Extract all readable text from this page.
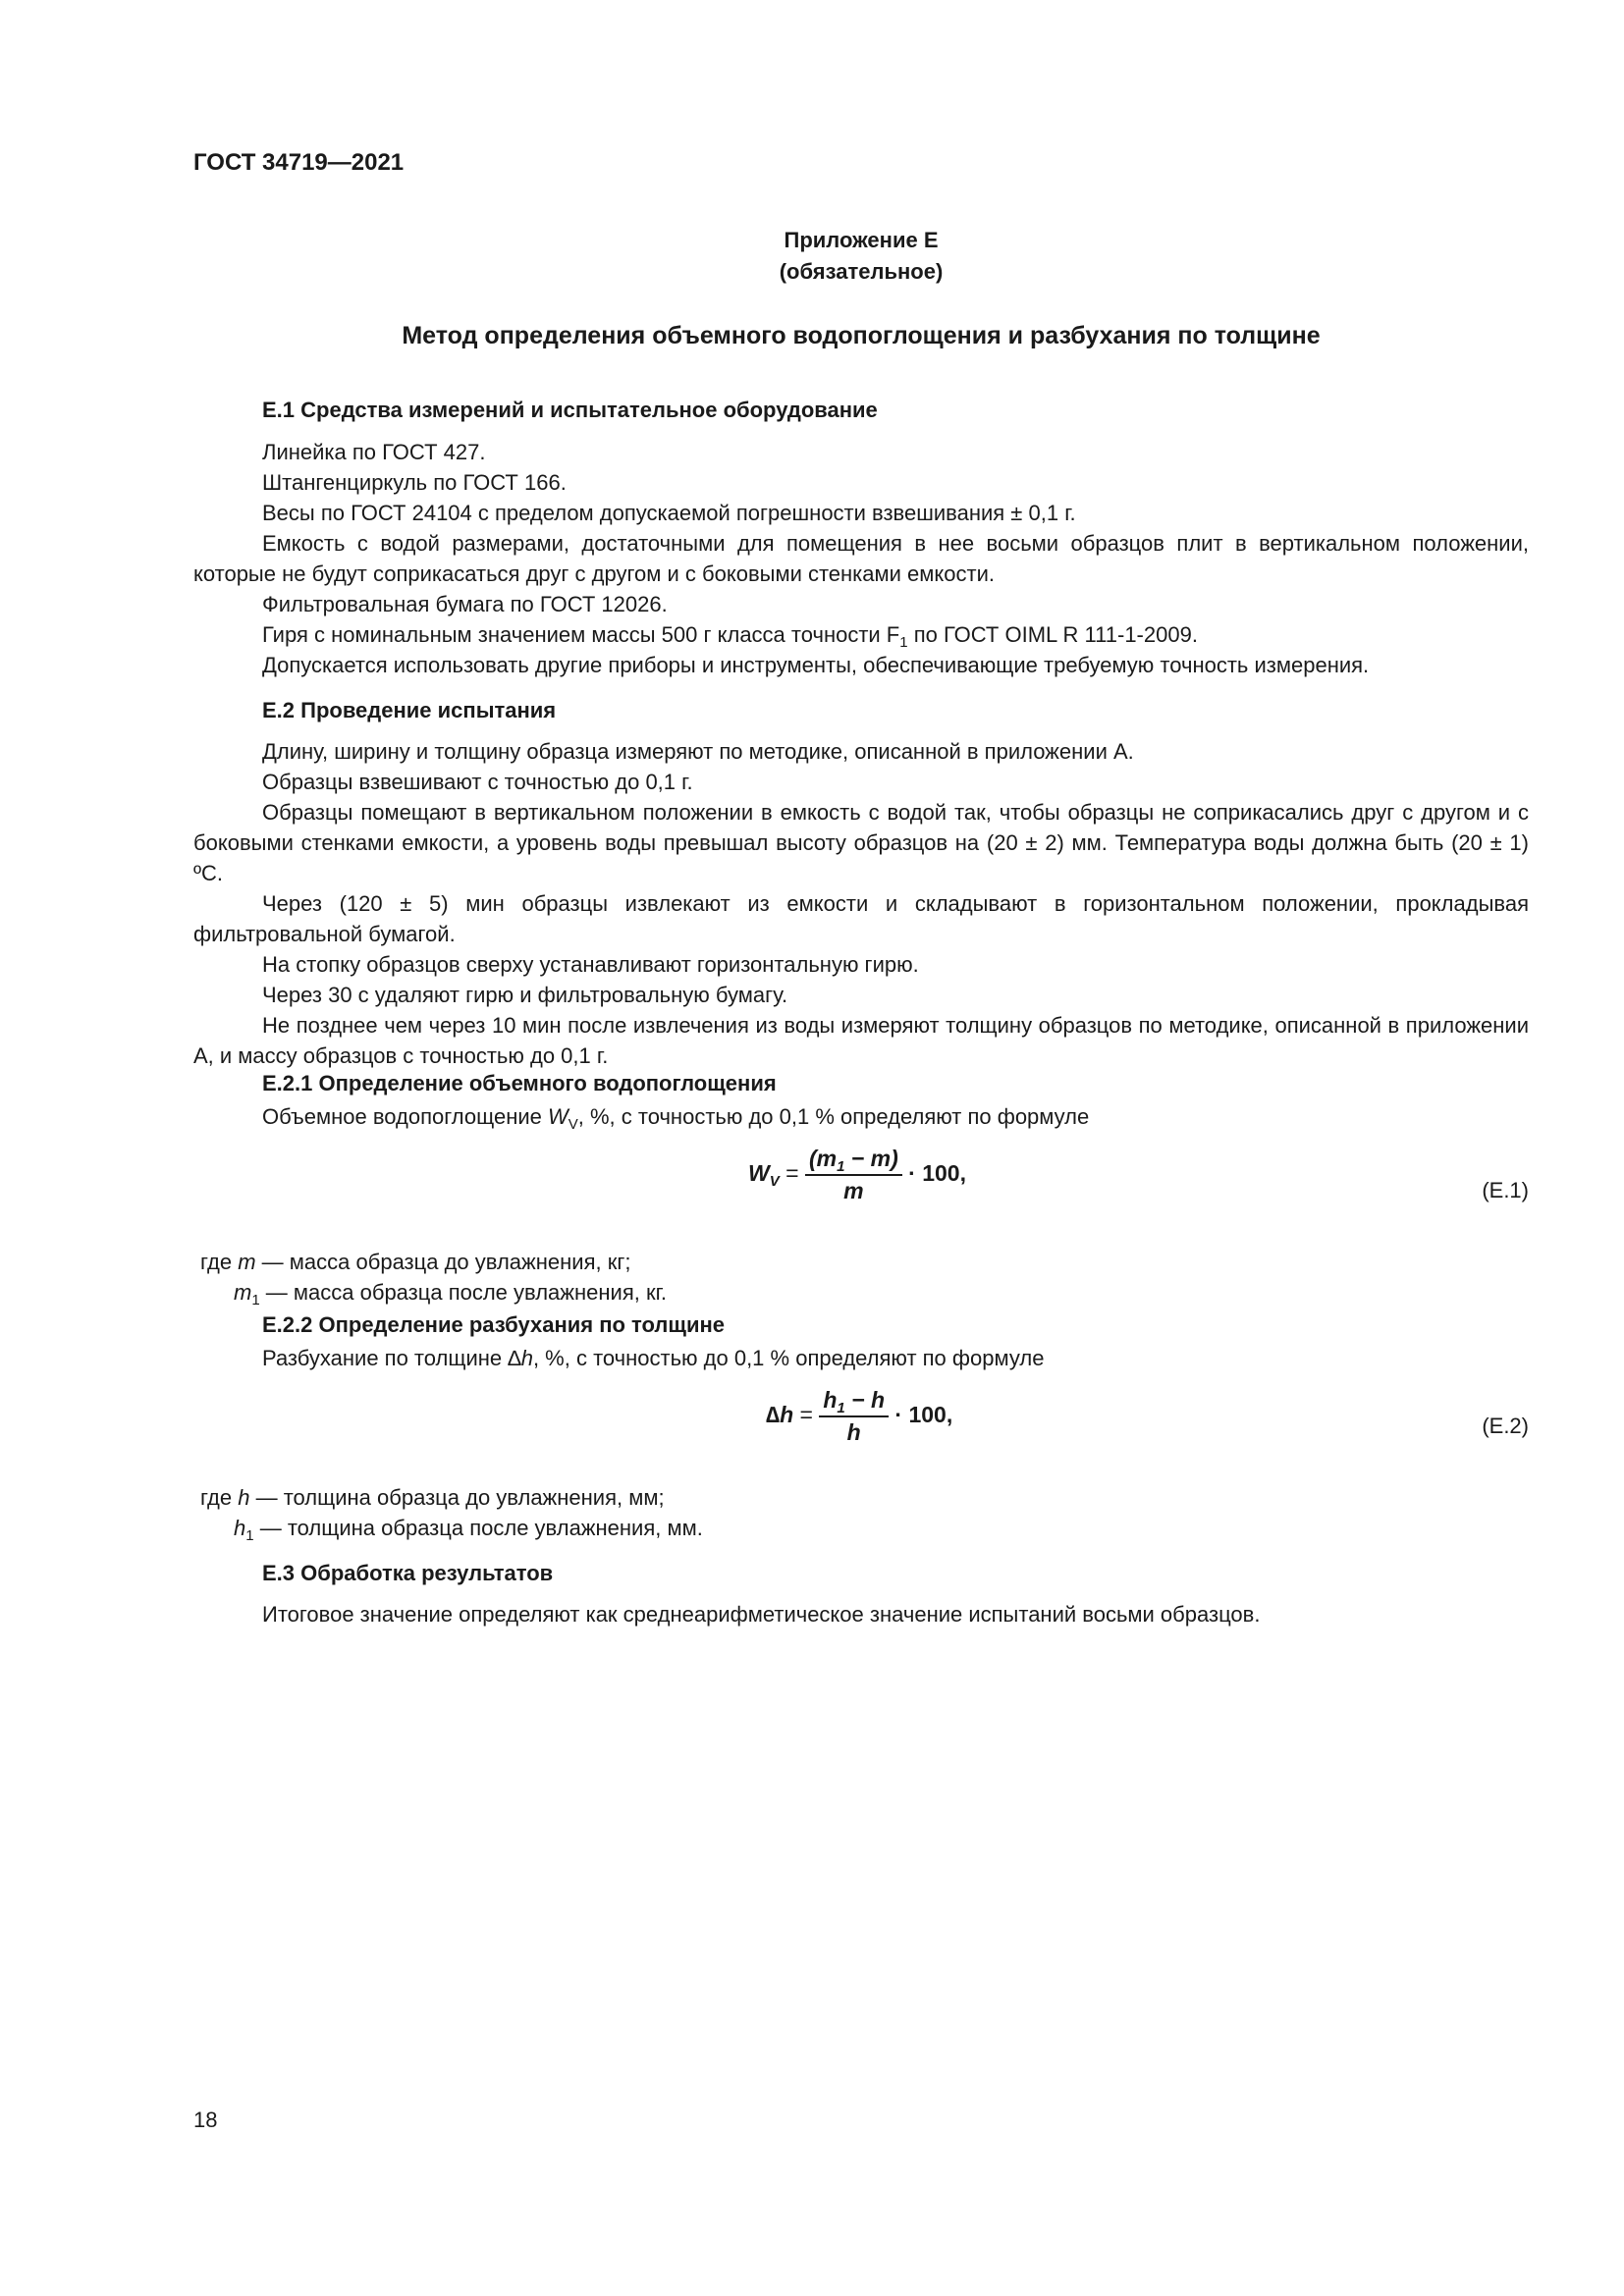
ГОСТ 34719—2021
Приложение Е
(обязательное)
Метод определения объемного водопоглощения и разбухания по толщине
Е.1 Средства измерений и испытательное оборудование
Линейка по ГОСТ 427.
Штангенциркуль по ГОСТ 166.
Весы по ГОСТ 24104 с пределом допускаемой погрешности взвешивания ± 0,1 г.
Емкость с водой размерами, достаточными для помещения в нее восьми образцов плит в вертикальном положении, которые не будут соприкасаться друг с другом и с боковыми стенками емкости.
Фильтровальная бумага по ГОСТ 12026.
Гиря с номинальным значением массы 500 г класса точности $F_1$ по ГОСТ OIML R 111-1-2009.
Допускается использовать другие приборы и инструменты, обеспечивающие требуемую точность измерения.
Е.2 Проведение испытания
Длину, ширину и толщину образца измеряют по методике, описанной в приложении А.
Образцы взвешивают с точностью до 0,1 г.
Образцы помещают в вертикальном положении в емкость с водой так, чтобы образцы не соприкасались друг с другом и с боковыми стенками емкости, а уровень воды превышал высоту образцов на (20 ± 2) мм. Температура воды должна быть (20 ± 1) ºС.
Через (120 ± 5) мин образцы извлекают из емкости и складывают в горизонтальном положении, прокладывая фильтровальной бумагой.
На стопку образцов сверху устанавливают горизонтальную гирю.
Через 30 с удаляют гирю и фильтровальную бумагу.
Не позднее чем через 10 мин после извлечения из воды измеряют толщину образцов по методике, описанной в приложении А, и массу образцов с точностью до 0,1 г.
Е.2.1 Определение объемного водопоглощения
Объемное водопоглощение $W_V$, %, с точностью до 0,1 % определяют по формуле
$W_V = \frac{(m_1 - m)}{m} \cdot 100$,
(Е.1)
где m — масса образца до увлажнения, кг;
$m_1$ — масса образца после увлажнения, кг.
Е.2.2 Определение разбухания по толщине
Разбухание по толщине ∆h, %, с точностью до 0,1 % определяют по формуле
$\Delta h = \frac{h_1 - h}{h} \cdot 100$,	(Е.2)
где h — толщина образца до увлажнения, мм;
$h_1$ — толщина образца после увлажнения, мм.
Е.3 Обработка результатов
Итоговое значение определяют как среднеарифметическое значение испытаний восьми образцов.
18
